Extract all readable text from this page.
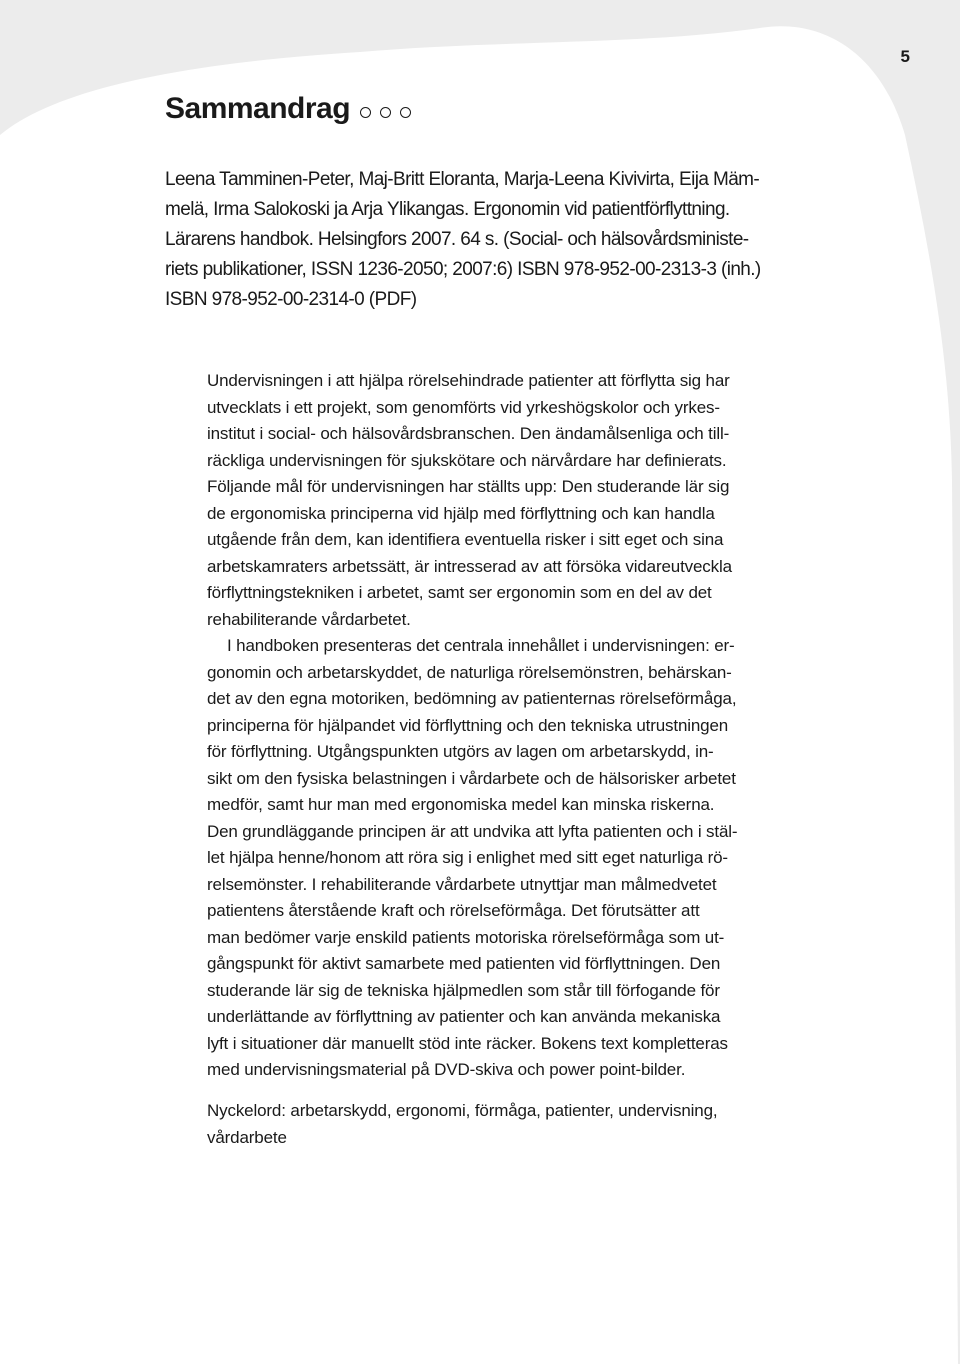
5
Sammandrag

Leena Tamminen-Peter, Maj-Britt Eloranta, Marja-Leena Kivivirta, Eija Mäm-
melä, Irma Salokoski ja Arja Ylikangas. Ergonomin vid patientförflyttning.
Lärarens handbok. Helsingfors 2007. 64 s. (Social- och hälsovårdsministe-
riets publikationer, ISSN 1236-2050; 2007:6) ISBN 978-952-00-2313-3 (inh.)
ISBN 978-952-00-2314-0 (PDF)

Undervisningen i att hjälpa rörelsehindrade patienter att förflytta sig har
utvecklats i ett projekt, som genomförts vid yrkeshögskolor och yrkes-
institut i social- och hälsovårdsbranschen. Den ändamålsenliga och till-
räckliga undervisningen för sjukskötare och närvårdare har definierats.
Följande mål för undervisningen har ställts upp: Den studerande lär sig
de ergonomiska principerna vid hjälp med förflyttning och kan handla
utgående från dem, kan identifiera eventuella risker i sitt eget och sina
arbetskamraters arbetssätt, är intresserad av att försöka vidareutveckla
förflyttningstekniken i arbetet, samt ser ergonomin som en del av det
rehabiliterande vårdarbetet.

I handboken presenteras det centrala innehållet i undervisningen: er-
gonomin och arbetarskyddet, de naturliga rörelsemönstren, behärskan-
det av den egna motoriken, bedömning av patienternas rörelseförmåga,
principerna för hjälpandet vid förflyttning och den tekniska utrustningen
för förflyttning. Utgångspunkten utgörs av lagen om arbetarskydd, in-
sikt om den fysiska belastningen i vårdarbete och de hälsorisker arbetet
medför, samt hur man med ergonomiska medel kan minska riskerna.
Den grundläggande principen är att undvika att lyfta patienten och i stäl-
let hjälpa henne/honom att röra sig i enlighet med sitt eget naturliga rö-
relsemönster. I rehabiliterande vårdarbete utnyttjar man målmedvetet
patientens återstående kraft och rörelseförmåga. Det förutsätter att
man bedömer varje enskild patients motoriska rörelseförmåga som ut-
gångspunkt för aktivt samarbete med patienten vid förflyttningen. Den
studerande lär sig de tekniska hjälpmedlen som står till förfogande för
underlättande av förflyttning av patienter och kan använda mekaniska
lyft i situationer där manuellt stöd inte räcker. Bokens text kompletteras
med undervisningsmaterial på DVD-skiva och power point-bilder.

Nyckelord: arbetarskydd, ergonomi, förmåga, patienter, undervisning,
vårdarbete
